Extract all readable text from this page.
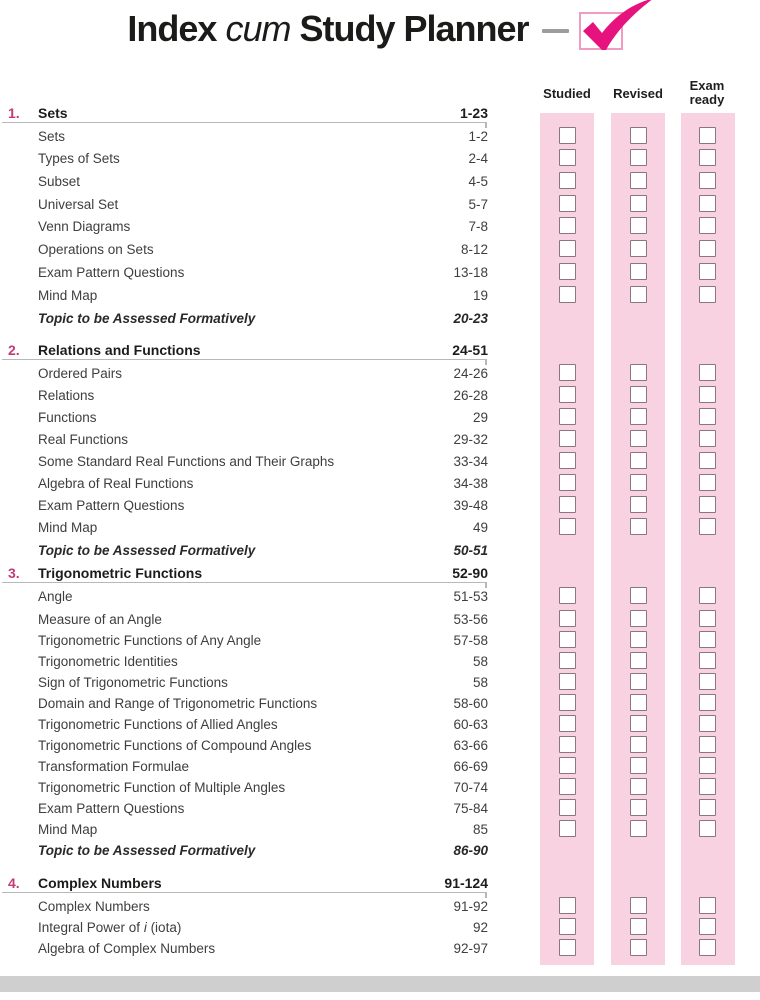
Index cum Study Planner
Studied	Revised
Exam
ready
1.	Sets	1-23
Sets	1-2
Types of Sets	2-4
Subset	4-5
Universal Set	5-7
Venn Diagrams	7-8
Operations on Sets	8-12
Exam Pattern Questions	13-18
Mind Map	19
Topic to be Assessed Formatively	20-23
2.	Relations and Functions	24-51
Ordered Pairs	24-26
Relations	26-28
Functions	29
Real Functions	29-32
Some Standard Real Functions and Their Graphs	33-34
Algebra of Real Functions	34-38
Exam Pattern Questions	39-48
Mind Map	49
Topic to be Assessed Formatively	50-51
3.	Trigonometric Functions	52-90
Angle	51-53
Measure of an Angle	53-56
Trigonometric Functions of Any Angle	57-58
Trigonometric Identities	58
Sign of Trigonometric Functions	58
Domain and Range of Trigonometric Functions	58-60
Trigonometric Functions of Allied Angles	60-63
Trigonometric Functions of Compound Angles	63-66
Transformation Formulae	66-69
Trigonometric Function of Multiple Angles	70-74
Exam Pattern Questions	75-84
Mind Map	85
Topic to be Assessed Formatively	86-90
4.	Complex Numbers	91-124
Complex Numbers	91-92
Integral Power of i (iota)	92
Algebra of Complex Numbers	92-97
